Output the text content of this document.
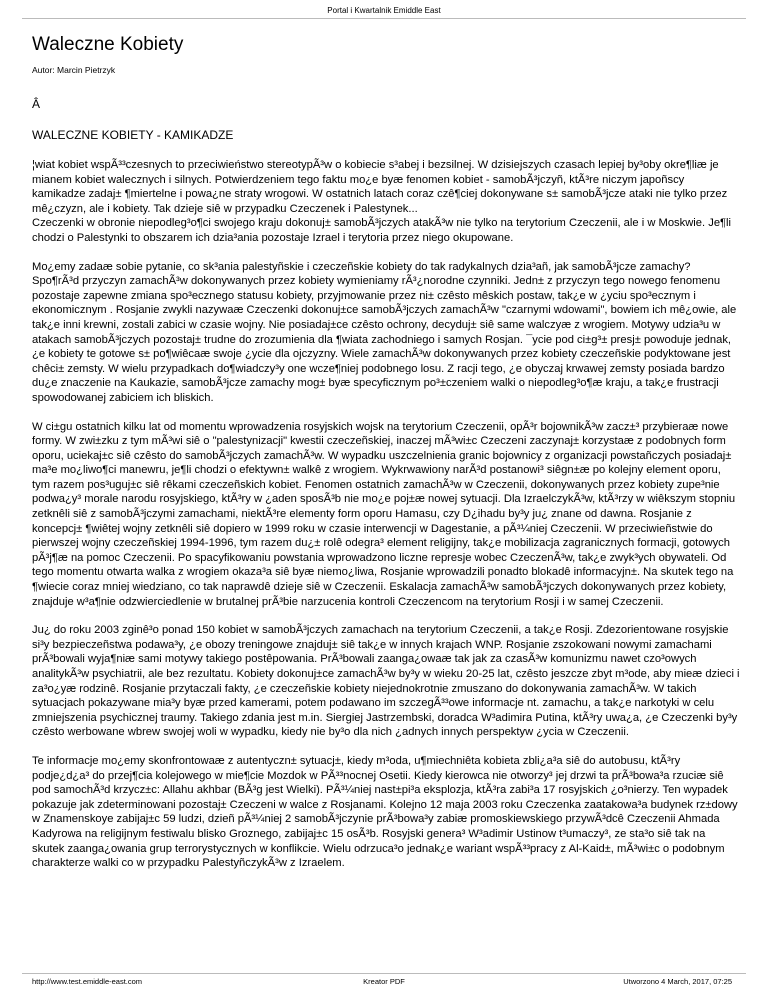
Portal i Kwartalnik Emiddle East
Waleczne Kobiety
Autor: Marcin Pietrzyk
Â
WALECZNE KOBIETY - KAMIKADZE
¦wiat kobiet wspÃ³³czesnych to przeciwieństwo stereotypÃ³w o kobiecie s³abej i bezsilnej. W dzisiejszych czasach lepiej by³oby okre¶liæ je mianem kobiet walecznych i silnych. Potwierdzeniem tego faktu mo¿e byæ fenomen kobiet - samobÃ³jczyñ, ktÃ³re niczym japoñscy kamikadze zadaj± ¶miertelne i powa¿ne straty wrogowi. W ostatnich latach coraz czê¶ciej dokonywane s± samobÃ³jcze ataki nie tylko przez mê¿czyzn, ale i kobiety. Tak dzieje siê w przypadku Czeczenek i Palestynek...
Czeczenki w obronie niepodleg³o¶ci swojego kraju dokonuj± samobÃ³jczych atakÃ³w nie tylko na terytorium Czeczenii, ale i w Moskwie. Je¶li chodzi o Palestynki to obszarem ich dzia³ania pozostaje Izrael i terytoria przez niego okupowane.
Mo¿emy zadaæ sobie pytanie, co sk³ania palestyñskie i czeczeñskie kobiety do tak radykalnych dzia³añ, jak samobÃ³jcze zamachy? Spo¶rÃ³d przyczyn zamachÃ³w dokonywanych przez kobiety wymieniamy rÃ³¿norodne czynniki. Jedn± z przyczyn tego nowego fenomenu pozostaje zapewne zmiana spo³ecznego statusu kobiety, przyjmowanie przez ni± czêsto mêskich postaw, tak¿e w ¿yciu spo³ecznym i ekonomicznym . Rosjanie zwykli nazywaæ Czeczenki dokonuj±ce samobÃ³jczych zamachÃ³w "czarnymi wdowami", bowiem ich mê¿owie, ale tak¿e inni krewni, zostali zabici w czasie wojny. Nie posiadaj±ce czêsto ochrony, decyduj± siê same walczyæ z wrogiem. Motywy udzia³u w atakach samobÃ³jczych pozostaj± trudne do zrozumienia dla ¶wiata zachodniego i samych Rosjan. ¯ycie pod ci±g³± presj± powoduje jednak, ¿e kobiety te gotowe s± po¶wiêcaæ swoje ¿ycie dla ojczyzny. Wiele zamachÃ³w dokonywanych przez kobiety czeczeñskie podyktowane jest chêci± zemsty. W wielu przypadkach do¶wiadczy³y one wcze¶niej podobnego losu. Z racji tego, ¿e obyczaj krwawej zemsty posiada bardzo du¿e znaczenie na Kaukazie, samobÃ³jcze zamachy mog± byæ specyficznym po³±czeniem walki o niepodleg³o¶æ kraju, a tak¿e frustracji spowodowanej zabiciem ich bliskich.
W ci±gu ostatnich kilku lat od momentu wprowadzenia rosyjskich wojsk na terytorium Czeczenii, opÃ³r bojownikÃ³w zacz±³ przybieraæ nowe formy. W zwi±zku z tym mÃ³wi siê o "palestynizacji" kwestii czeczeñskiej, inaczej mÃ³wi±c Czeczeni zaczynaj± korzystaæ z podobnych form oporu, uciekaj±c siê czêsto do samobÃ³jczych zamachÃ³w. W wypadku uszczelnienia granic bojownicy z organizacji powstañczych posiadaj± ma³e mo¿liwo¶ci manewru, je¶li chodzi o efektywn± walkê z wrogiem. Wykrwawiony narÃ³d postanowi³ siêgn±æ po kolejny element oporu, tym razem pos³uguj±c siê rêkami czeczeñskich kobiet. Fenomen ostatnich zamachÃ³w w Czeczenii, dokonywanych przez kobiety zupe³nie podwa¿y³ morale narodu rosyjskiego, ktÃ³ry w ¿aden sposÃ³b nie mo¿e poj±æ nowej sytuacji. Dla IzraelczykÃ³w, ktÃ³rzy w wiêkszym stopniu zetknêli siê z samobÃ³jczymi zamachami, niektÃ³re elementy form oporu Hamasu, czy D¿ihadu by³y ju¿ znane od dawna. Rosjanie z koncepcj± ¶wiêtej wojny zetknêli siê dopiero w 1999 roku w czasie interwencji w Dagestanie, a pÃ³¼niej Czeczenii. W przeciwieñstwie do pierwszej wojny czeczeñskiej 1994-1996, tym razem du¿± rolê odegra³ element religijny, tak¿e mobilizacja zagranicznych formacji, gotowych pÃ³j¶æ na pomoc Czeczenii. Po spacyfikowaniu powstania wprowadzono liczne represje wobec CzeczenÃ³w, tak¿e zwyk³ych obywateli. Od tego momentu otwarta walka z wrogiem okaza³a siê byæ niemo¿liwa, Rosjanie wprowadzili ponadto blokadê informacyjn±. Na skutek tego na ¶wiecie coraz mniej wiedziano, co tak naprawdê dzieje siê w Czeczenii. Eskalacja zamachÃ³w samobÃ³jczych dokonywanych przez kobiety, znajduje w³a¶nie odzwierciedlenie w brutalnej prÃ³bie narzucenia kontroli Czeczencom na terytorium Rosji i w samej Czeczenii.
Ju¿ do roku 2003 zginê³o ponad 150 kobiet w samobÃ³jczych zamachach na terytorium Czeczenii, a tak¿e Rosji. Zdezorientowane rosyjskie si³y bezpieczeñstwa podawa³y, ¿e obozy treningowe znajduj± siê tak¿e w innych krajach WNP. Rosjanie zszokowani nowymi zamachami prÃ³bowali wyja¶niæ sami motywy takiego postêpowania. PrÃ³bowali zaanga¿owaæ tak jak za czasÃ³w komunizmu nawet czo³owych analitykÃ³w psychiatrii, ale bez rezultatu. Kobiety dokonuj±ce zamachÃ³w by³y w wieku 20-25 lat, czêsto jeszcze zbyt m³ode, aby mieæ dzieci i za³o¿yæ rodzinê. Rosjanie przytaczali fakty, ¿e czeczeñskie kobiety niejednokrotnie zmuszano do dokonywania zamachÃ³w. W takich sytuacjach pokazywane mia³y byæ przed kamerami, potem podawano im szczegÃ³³owe informacje nt. zamachu, a tak¿e narkotyki w celu zmniejszenia psychicznej traumy. Takiego zdania jest m.in. Siergiej Jastrzembski, doradca W³adimira Putina, ktÃ³ry uwa¿a, ¿e Czeczenki by³y czêsto werbowane wbrew swojej woli w wypadku, kiedy nie by³o dla nich ¿adnych innych perspektyw ¿ycia w Czeczenii.
Te informacje mo¿emy skonfrontowaæ z autentyczn± sytuacj±, kiedy m³oda, u¶miechniêta kobieta zbli¿a³a siê do autobusu, ktÃ³ry podje¿d¿a³ do przej¶cia kolejowego w mie¶cie Mozdok w PÃ³³nocnej Osetii. Kiedy kierowca nie otworzy³ jej drzwi ta prÃ³bowa³a rzuciæ siê pod samochÃ³d krzycz±c: Allahu akhbar (BÃ³g jest Wielki). PÃ³¼niej nast±pi³a eksplozja, ktÃ³ra zabi³a 17 rosyjskich ¿o³nierzy. Ten wypadek pokazuje jak zdeterminowani pozostaj± Czeczeni w walce z Rosjanami. Kolejno 12 maja 2003 roku Czeczenka zaatakowa³a budynek rz±dowy w Znamenskoye zabijaj±c 59 ludzi, dzieñ pÃ³¼niej 2 samobÃ³jczynie prÃ³bowa³y zabiæ promoskiewskiego przywÃ³dcê Czeczenii Ahmada Kadyrowa na religijnym festiwalu blisko Groznego, zabijaj±c 15 osÃ³b. Rosyjski genera³ W³adimir Ustinow t³umaczy³, ze sta³o siê tak na skutek zaanga¿owania grup terrorystycznych w konflikcie. Wielu odrzuca³o jednak¿e wariant wspÃ³³pracy z Al-Kaid±, mÃ³wi±c o podobnym charakterze walki co w przypadku PalestyñczykÃ³w z Izraelem.
http://www.test.emiddle-east.com	Kreator PDF	Utworzono 4 March, 2017, 07:25
